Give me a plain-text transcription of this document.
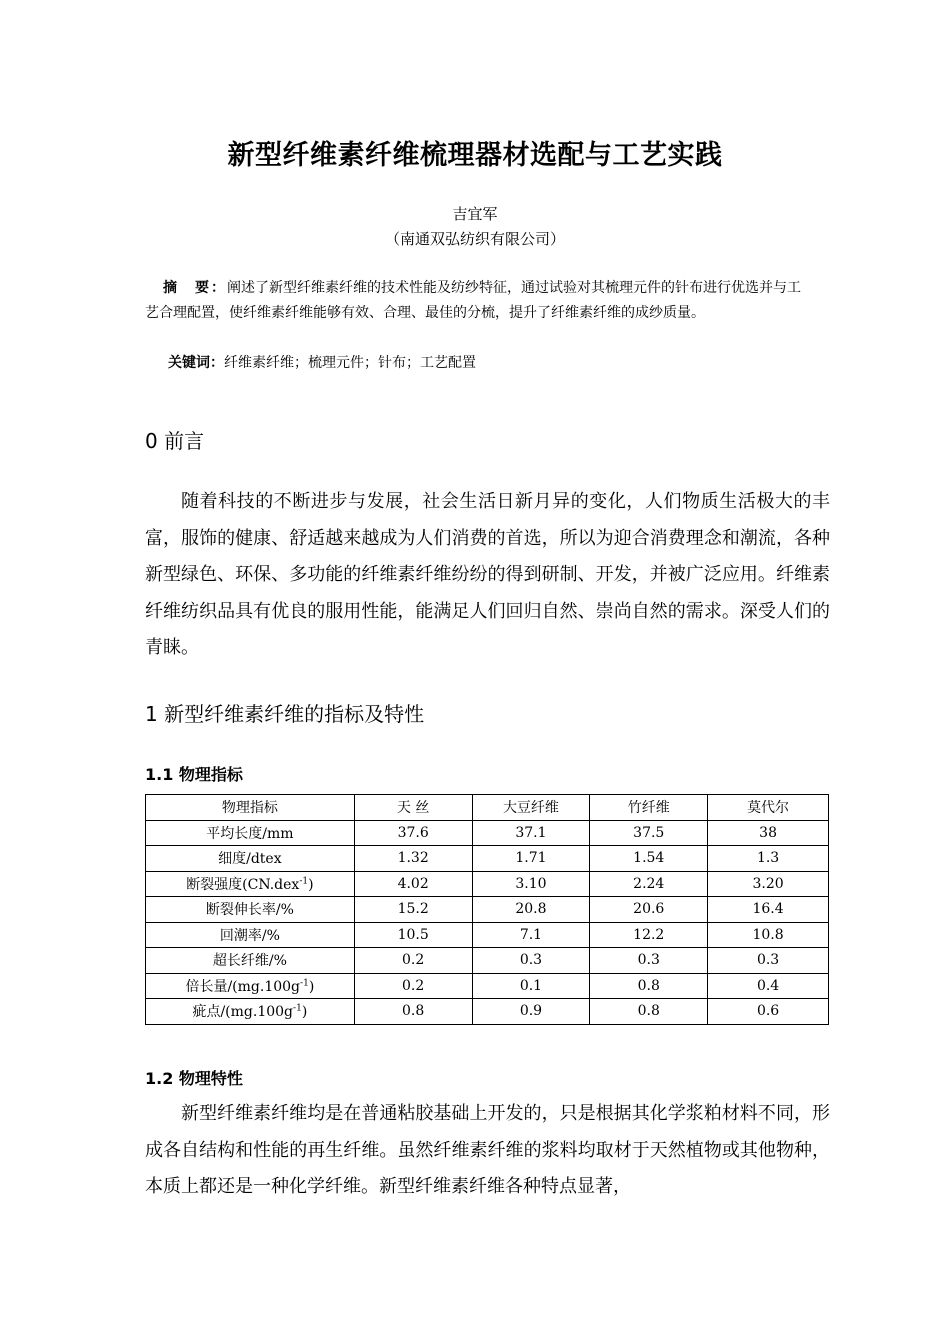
新型纤维素纤维梳理器材选配与工艺实践
吉宜军
（南通双弘纺织有限公司）
摘　要：阐述了新型纤维素纤维的技术性能及纺纱特征，通过试验对其梳理元件的针布进行优选并与工艺合理配置，使纤维素纤维能够有效、合理、最佳的分梳，提升了纤维素纤维的成纱质量。
关键词：纤维素纤维；梳理元件；针布；工艺配置
0 前言
随着科技的不断进步与发展，社会生活日新月异的变化，人们物质生活极大的丰富，服饰的健康、舒适越来越成为人们消费的首选，所以为迎合消费理念和潮流，各种新型绿色、环保、多功能的纤维素纤维纷纷的得到研制、开发，并被广泛应用。纤维素纤维纺织品具有优良的服用性能，能满足人们回归自然、崇尚自然的需求。深受人们的青睐。
1 新型纤维素纤维的指标及特性
1.1 物理指标
物理指标	天 丝	大豆纤维	竹纤维	莫代尔
平均长度/mm	37.6	37.1	37.5	38
细度/dtex	1.32	1.71	1.54	1.3
断裂强度(CN.dex$^{-1}$)	4.02	3.10	2.24	3.20
断裂伸长率/%	15.2	20.8	20.6	16.4
回潮率/%	10.5	7.1	12.2	10.8
超长纤维/%	0.2	0.3	0.3	0.3
倍长量$/(mg.100g^{-1})$	0.2	0.1	0.8	0.4
疵点$/(mg.100g^{-1})$	0.8	0.9	0.8	0.6
1.2 物理特性
新型纤维素纤维均是在普通粘胶基础上开发的，只是根据其化学浆粕材料不同，形成各自结构和性能的再生纤维。虽然纤维素纤维的浆料均取材于天然植物或其他物种，本质上都还是一种化学纤维。新型纤维素纤维各种特点显著，
